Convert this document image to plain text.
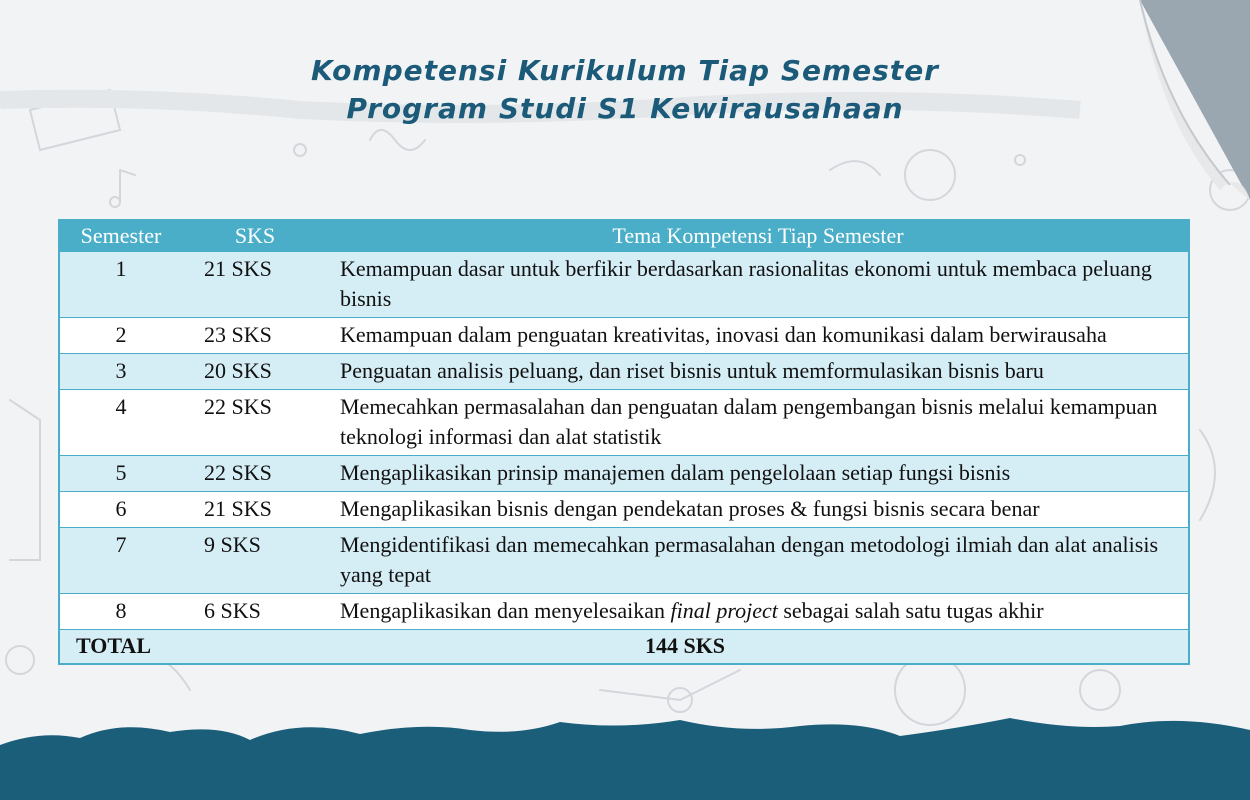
Kompetensi Kurikulum Tiap Semester
Program Studi S1 Kewirausahaan
Semester	SKS	Tema Kompetensi Tiap Semester
1	21 SKS	Kemampuan dasar untuk berfikir berdasarkan rasionalitas ekonomi untuk membaca peluang bisnis
2	23 SKS	Kemampuan dalam penguatan kreativitas, inovasi dan komunikasi dalam berwirausaha
3	20 SKS	Penguatan analisis peluang, dan riset bisnis untuk memformulasikan bisnis baru
4	22 SKS	Memecahkan permasalahan dan penguatan dalam pengembangan bisnis melalui kemampuan teknologi informasi dan alat statistik
5	22 SKS	Mengaplikasikan prinsip manajemen dalam pengelolaan setiap fungsi bisnis
6	21 SKS	Mengaplikasikan bisnis dengan pendekatan proses & fungsi bisnis secara benar
7	9 SKS	Mengidentifikasi dan memecahkan permasalahan dengan metodologi ilmiah dan alat analisis yang tepat
8	6 SKS	Mengaplikasikan dan menyelesaikan final project sebagai salah satu tugas akhir
TOTAL	144 SKS	
